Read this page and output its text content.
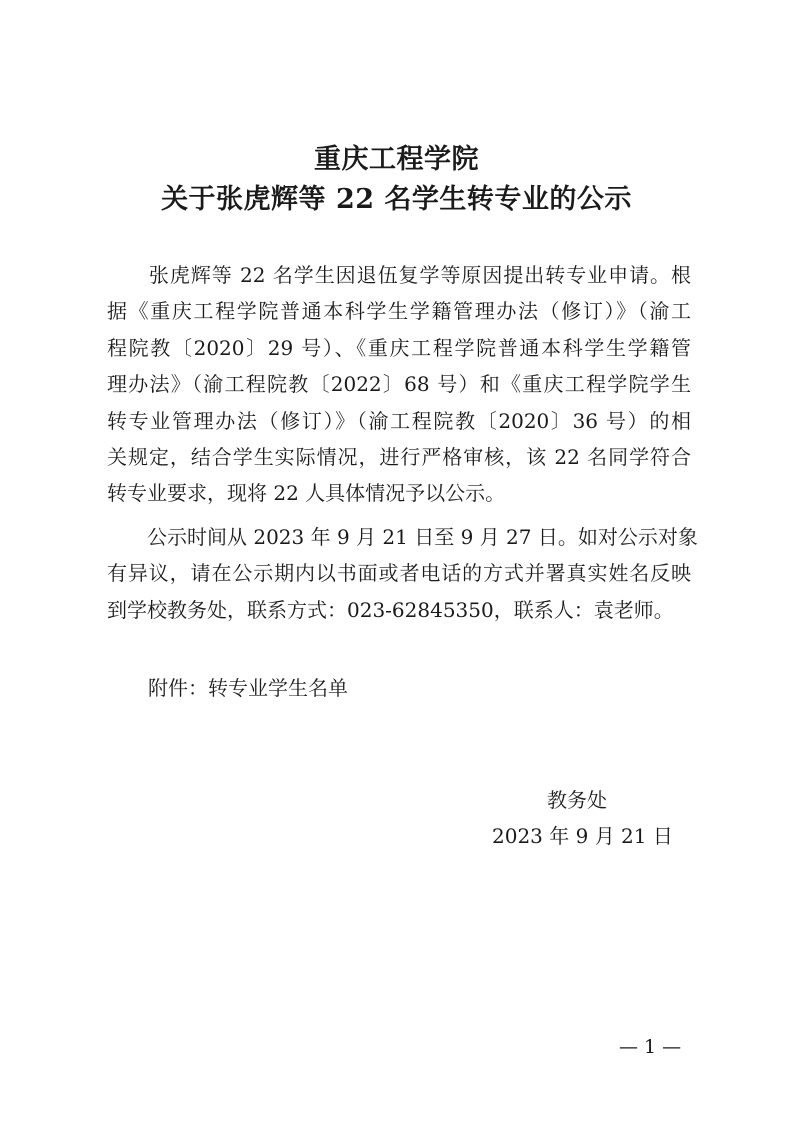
重庆工程学院
关于张虎辉等 22 名学生转专业的公示
　　张虎辉等 22 名学生因退伍复学等原因提出转专业申请。根
据《重庆工程学院普通本科学生学籍管理办法（修订）》（渝工
程院教〔2020〕29 号）、《重庆工程学院普通本科学生学籍管
理办法》（渝工程院教〔2022〕68 号）和《重庆工程学院学生
转专业管理办法（修订）》（渝工程院教〔2020〕36 号）的相
关规定，结合学生实际情况，进行严格审核，该 22 名同学符合
转专业要求，现将 22 人具体情况予以公示。
　　公示时间从 2023 年 9 月 21 日至 9 月 27 日。如对公示对象
有异议，请在公示期内以书面或者电话的方式并署真实姓名反映
到学校教务处，联系方式：023-62845350，联系人：袁老师。
附件：转专业学生名单
教务处
2023 年 9 月 21 日
— 1 —
